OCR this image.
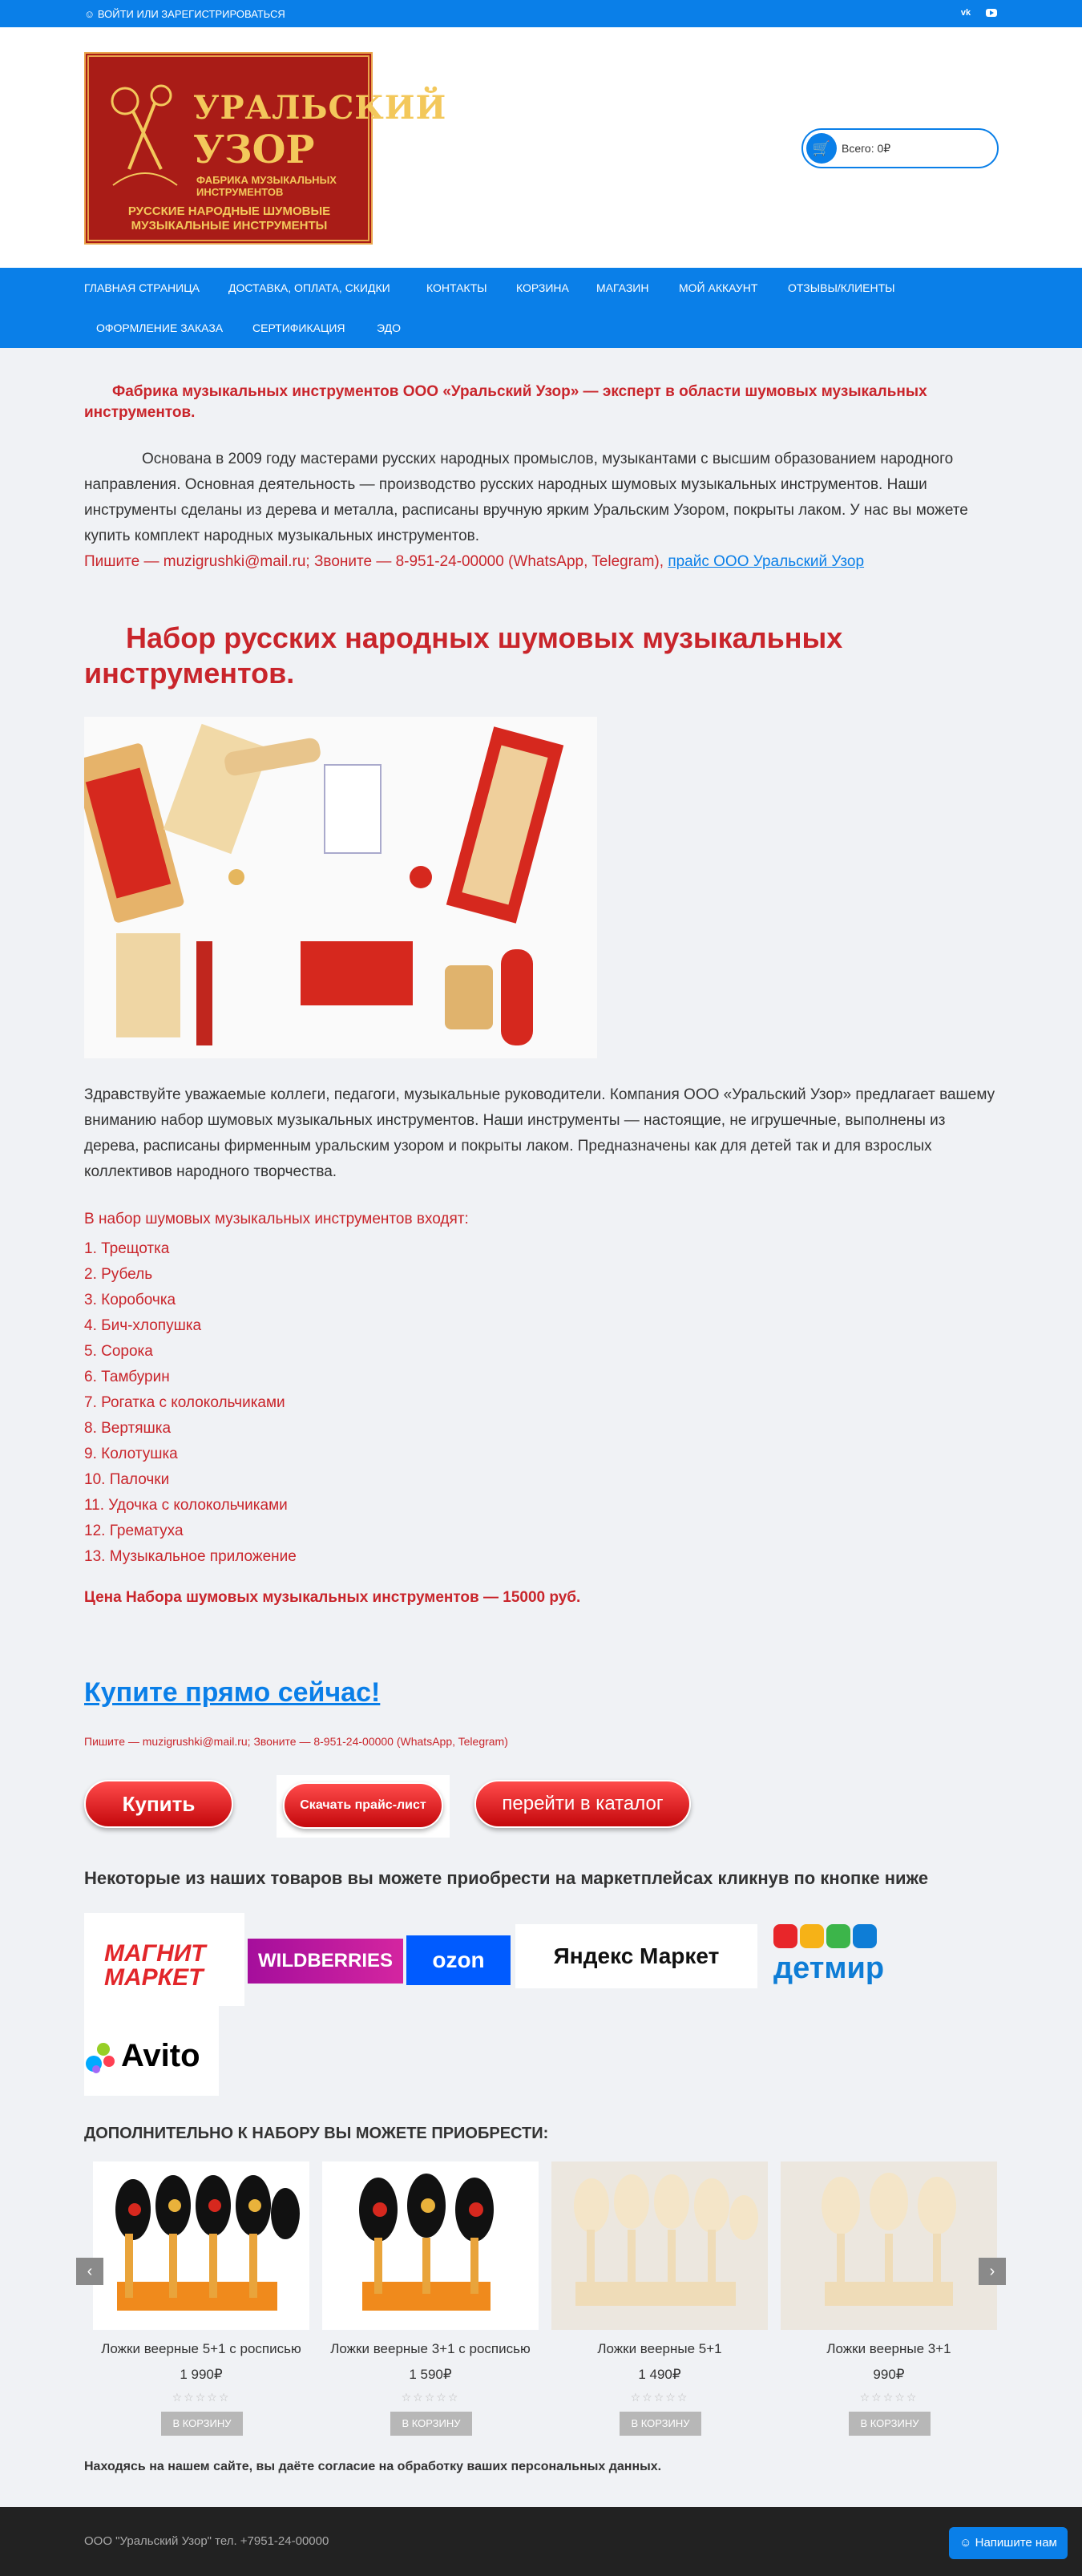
☺ ВОЙТИ ИЛИ ЗАРЕГИСТРИРОВАТЬСЯ	vk
УРАЛЬСКИЙ
УЗОР
ФАБРИКА МУЗЫКАЛЬНЫХ ИНСТРУМЕНТОВ
РУССКИЕ НАРОДНЫЕ ШУМОВЫЕ МУЗЫКАЛЬНЫЕ ИНСТРУМЕНТЫ
🛒 Всего: 0₽
ГЛАВНАЯ СТРАНИЦА	ДОСТАВКА, ОПЛАТА, СКИДКИ	КОНТАКТЫ	КОРЗИНА МАГАЗИН	МОЙ АККАУНТ	ОТЗЫВЫ/КЛИЕНТЫ
ОФОРМЛЕНИЕ ЗАКАЗА	СЕРТИФИКАЦИЯ	ЭДО
Фабрика музыкальных инструментов ООО «Уральский Узор» — эксперт в области шумовых музыкальных инструментов.
Основана в 2009 году мастерами русских народных промыслов, музыкантами с высшим образованием народного направления. Основная деятельность — производство русских народных шумовых музыкальных инструментов. Наши инструменты сделаны из дерева и металла, расписаны вручную ярким Уральским Узором, покрыты лаком. У нас вы можете купить комплект народных музыкальных инструментов.
Пишите — muzigrushki@mail.ru; Звоните — 8-951-24-00000 (WhatsApp, Telegram), прайс ООО Уральский Узор
Набор русских народных шумовых музыкальных инструментов.
Здравствуйте уважаемые коллеги, педагоги, музыкальные руководители. Компания ООО «Уральский Узор» предлагает вашему вниманию набор шумовых музыкальных инструментов. Наши инструменты — настоящие, не игрушечные, выполнены из дерева, расписаны фирменным уральским узором и покрыты лаком. Предназначены как для детей так и для взрослых коллективов народного творчества.
В набор шумовых музыкальных инструментов входят:
1. Трещотка
2. Рубель
3. Коробочка
4. Бич-хлопушка
5. Сорока
6. Тамбурин
7. Рогатка с колокольчиками
8. Вертяшка
9. Колотушка
10. Палочки
11. Удочка с колокольчиками
12. Грематуха
13. Музыкальное приложение
Цена Набора шумовых музыкальных инструментов — 15000 руб.
Купите прямо сейчас!
Пишите — muzigrushki@mail.ru; Звоните — 8-951-24-00000 (WhatsApp, Telegram)
Купить	Скачать прайс-лист	перейти в каталог
Некоторые из наших товаров вы можете приобрести на маркетплейсах кликнув по кнопке ниже
МАГНИТ МАРКЕТ
WILDBERRIES	ozon	Яндекс Маркет	детмир
Avito
ДОПОЛНИТЕЛЬНО К НАБОРУ ВЫ МОЖЕТЕ ПРИОБРЕСТИ:
Ложки веерные 5+1 с росписью
1 990₽
☆☆☆☆☆
В КОРЗИНУ
Ложки веерные 3+1 с росписью
1 590₽
☆☆☆☆☆
В КОРЗИНУ
Ложки веерные 5+1
1 490₽
☆☆☆☆☆
В КОРЗИНУ
Ложки веерные 3+1
990₽
☆☆☆☆☆
В КОРЗИНУ
‹	›
Находясь на нашем сайте, вы даёте согласие на обработку ваших персональных данных.
ООО "Уральский Узор" тел. +7951-24-00000	☺ Напишите нам
